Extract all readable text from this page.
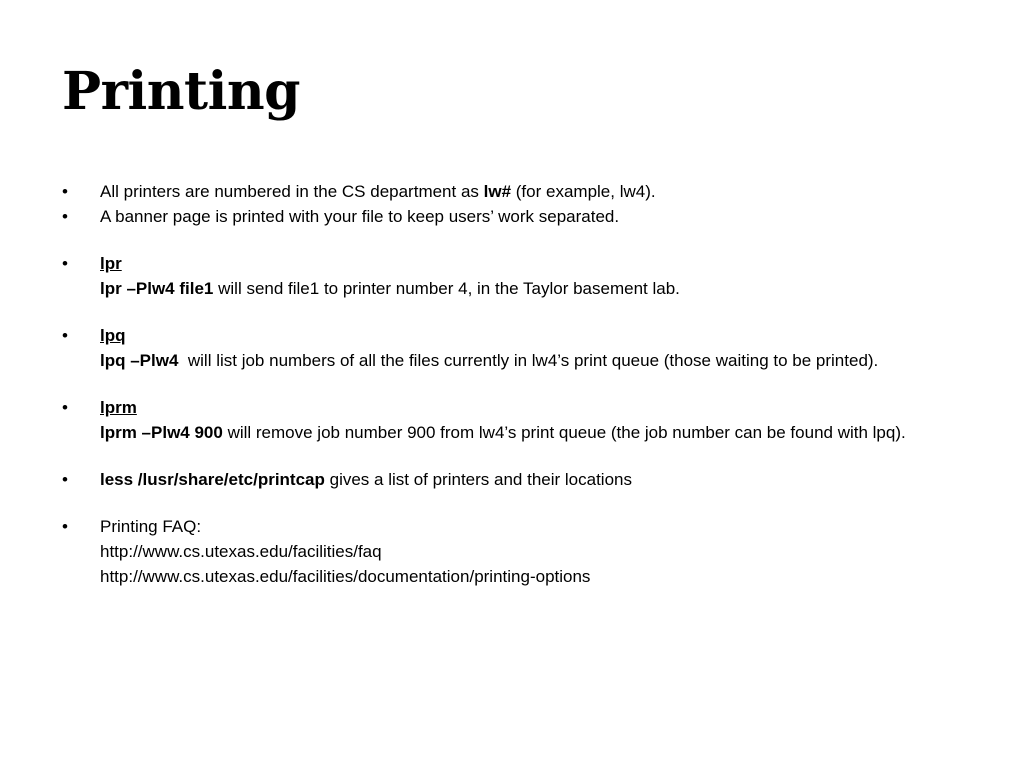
Printing
•	All printers are numbered in the CS department as lw# (for example, lw4).
•	A banner page is printed with your file to keep users’ work separated.
•	lpr
lpr –Plw4 file1 will send file1 to printer number 4, in the Taylor basement lab.
•	lpq
lpq –Plw4  will list job numbers of all the files currently in lw4’s print queue (those waiting to be printed).
•	lprm
lprm –Plw4 900 will remove job number 900 from lw4’s print queue (the job number can be found with lpq).
•	less /lusr/share/etc/printcap gives a list of printers and their locations
•	Printing FAQ:
http://www.cs.utexas.edu/facilities/faq
http://www.cs.utexas.edu/facilities/documentation/printing-options
